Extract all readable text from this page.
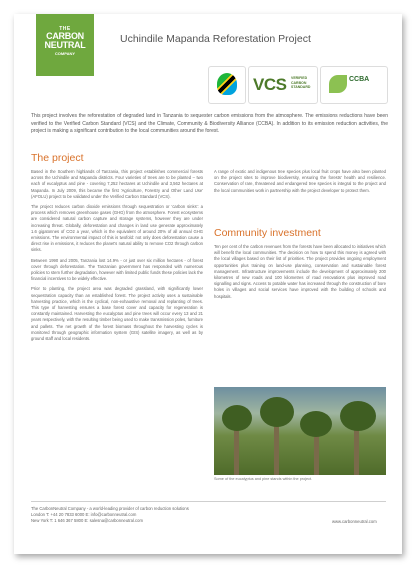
THE
CARBON
NEUTRAL
COMPANY
Uchindile Mapanda Reforestation Project
VCS VERIFIED
CARBON
STANDARD
CCBA

This project involves the reforestation of degraded land in Tanzania to sequester carbon emissions from the atmosphere. The emissions reductions have been verified to the Verified Carbon Standard (VCS) and the Climate, Community & Biodiversity Alliance (CCBA). In addition to its emission reduction activities, the project is making a significant contribution to the local communities around the forest.

The project

Based in the Southern highlands of Tanzania, this project establishes commercial forests across the Uchindile and Mapanda districts. Four varieties of trees are to be planted – two each of eucalyptus and pine - covering 7,252 hectares at Uchindile and 3,562 hectares at Mapanda. In July 2009, this became the first 'Agriculture, Forestry and Other Land Use' (AFOLU) project to be validated under the Verified Carbon Standard (VCS).

The project reduces carbon dioxide emissions through sequestration or 'carbon sinks': a process which removes greenhouse gases (GHG) from the atmosphere. Forest ecosystems are considered natural carbon capture and storage systems, however they are under increasing threat. Globally, deforestation and changes in land use generate approximately 1.6 gigatonnes of CO2 a year, which is the equivalent of around 20% of all annual GHG emissions. The environmental impact of this is twofold: not only does deforestation cause a direct rise in emissions, it reduces the planet's natural ability to remove CO2 through carbon sinks.

Between 1990 and 2005, Tanzania lost 14.9% - or just over six million hectares - of forest cover through deforestation. The Tanzanian government has responded with numerous policies to stem further degradation, however with limited public funds these policies lack the financial incentives to be widely effective.

Prior to planting, the project area was degraded grassland, with significantly lower sequestration capacity than an established forest. The project activity uses a sustainable harvesting practice, which is the cyclical, non-exhaustive removal and replanting of trees. This type of harvesting ensures a base forest cover and capacity for regeneration is constantly maintained. Harvesting the eucalyptus and pine trees will occur every 13 and 21 years respectively, with the resulting timber being used to make transmission poles, furniture and pallets. The net growth of the forest biomass throughout the harvesting cycles is monitored through geographic information system (GIS) satellite imagery, as well as by ground staff and local residents.

A range of exotic and indigenous tree species plus local fruit crops have also been planted on the project sites to improve biodiversity, ensuring the forests' health and resilience. Conservation of rare, threatened and endangered tree species is integral to the project and the local communities work in partnership with the project developer to protect them.

Community investment

Ten per cent of the carbon revenues from the forests have been allocated to initiatives which will benefit the local communities. The decision on how to spend this money is agreed with the local villages based on their list of priorities. The project provides ongoing employment opportunities plus training on land-use planning, conservation and sustainable forest management. Infrastructure improvements include the development of approximately 200 kilometres of new roads and 100 kilometres of road renovations plus improved road signalling and signs. Access to potable water has increased through the construction of bore holes in villages and social services have improved with the building of schools and hospitals.

Some of the eucalyptus and pine stands within the project.
The CarbonNeutral Company - a world-leading provider of carbon reduction solutions
London T: +44 20 7833 6000 E: info@carbonneutral.com
New York T: 1 646 367 5800 E: salesna@carbonneutral.com	www.carbonneutral.com
